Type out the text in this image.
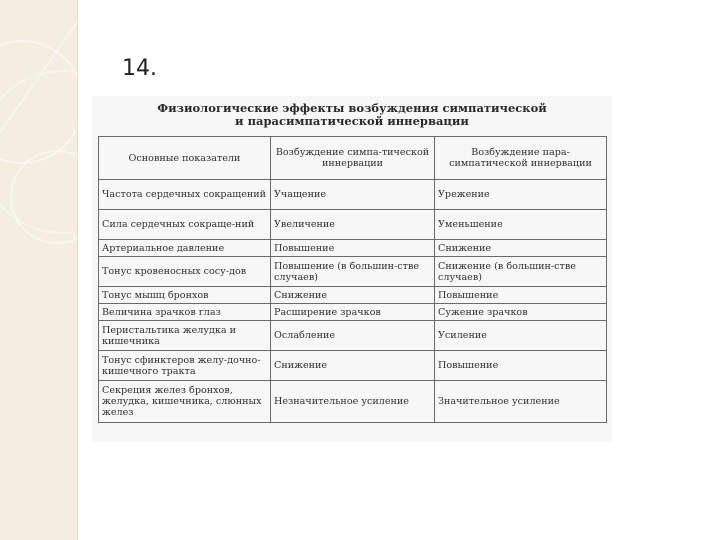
14.
Физиологические эффекты возбуждения симпатической
и парасимпатической иннервации
Основные показатели	Возбуждение симпа-тической иннервации	Возбуждение пара-симпатической иннервации
Частота сердечных сокращений	Учащение	Урежение
Сила сердечных сокраще-ний	Увеличение	Уменьшение
Артериальное давление	Повышение	Снижение
Тонус кровеносных сосу-дов	Повышение (в большин-стве случаев)	Снижение (в большин-стве случаев)
Тонус мышц бронхов	Снижение	Повышение
Величина зрачков глаз	Расширение зрачков	Сужение зрачков
Перистальтика желудка и кишечника	Ослабление	Усиление
Тонус сфинктеров желу-дочно-кишечного тракта	Снижение	Повышение
Секреция желез бронхов, желудка, кишечника, слюнных желез	Незначительное усиление	Значительное усиление
